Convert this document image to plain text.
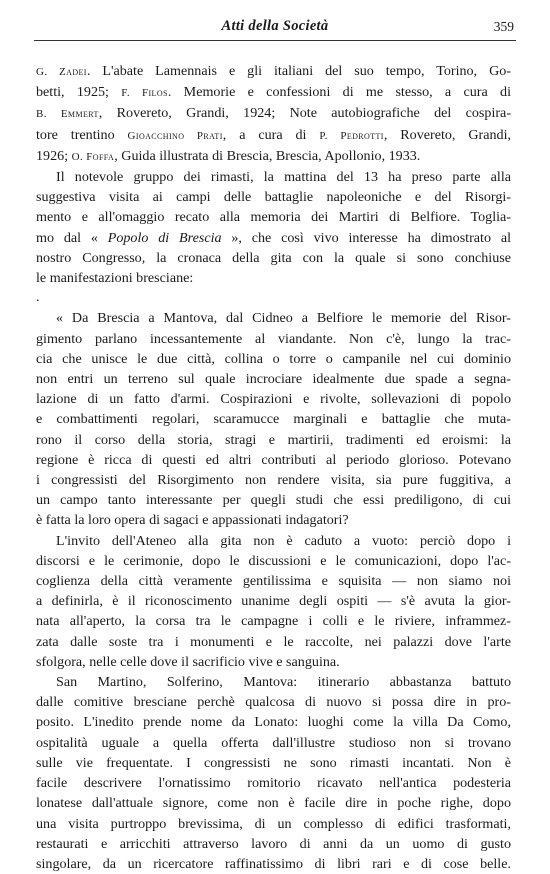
Atti della Società	359
G. Zadei. L'abate Lamennais e gli italiani del suo tempo, Torino, Go-
betti, 1925; F. Filos. Memorie e confessioni di me stesso, a cura di
B. Emmert, Rovereto, Grandi, 1924; Note autobiografiche del cospira-
tore trentino Gioacchino Prati, a cura di P. Pedrotti, Rovereto, Grandi,
1926; O. Foffa, Guida illustrata di Brescia, Brescia, Apollonio, 1933.
Il notevole gruppo dei rimasti, la mattina del 13 ha preso parte alla
suggestiva visita ai campi delle battaglie napoleoniche e del Risorgi-
mento e all'omaggio recato alla memoria dei Martiri di Belfiore. Toglia-
mo dal « Popolo di Brescia », che così vivo interesse ha dimostrato al
nostro Congresso, la cronaca della gita con la quale si sono conchiuse
le manifestazioni bresciane:
.
« Da Brescia a Mantova, dal Cidneo a Belfiore le memorie del Risor-
gimento parlano incessantemente al viandante. Non c'è, lungo la trac-
cia che unisce le due città, collina o torre o campanile nel cui dominio
non entri un terreno sul quale incrociare idealmente due spade a segna-
lazione di un fatto d'armi. Cospirazioni e rivolte, sollevazioni di popolo
e combattimenti regolari, scaramucce marginali e battaglie che muta-
rono il corso della storia, stragi e martirii, tradimenti ed eroismi: la
regione è ricca di questi ed altri contributi al periodo glorioso. Potevano
i congressisti del Risorgimento non rendere visita, sia pure fuggitiva, a
un campo tanto interessante per quegli studi che essi prediligono, di cui
è fatta la loro opera di sagaci e appassionati indagatori?
L'invito dell'Ateneo alla gita non è caduto a vuoto: perciò dopo i
discorsi e le cerimonie, dopo le discussioni e le comunicazioni, dopo l'ac-
coglienza della città veramente gentilissima e squisita — non siamo noi
a definirla, è il riconoscimento unanime degli ospiti — s'è avuta la gior-
nata all'aperto, la corsa tra le campagne i colli e le riviere, inframmez-
zata dalle soste tra i monumenti e le raccolte, nei palazzi dove l'arte
sfolgora, nelle celle dove il sacrificio vive e sanguina.
San Martino, Solferino, Mantova: itinerario abbastanza battuto
dalle comitive bresciane perchè qualcosa di nuovo si possa dire in pro-
posito. L'inedito prende nome da Lonato: luoghi come la villa Da Como,
ospitalità uguale a quella offerta dall'illustre studioso non si trovano
sulle vie frequentate. I congressisti ne sono rimasti incantati. Non è
facile descrivere l'ornatissimo romitorio ricavato nell'antica podesteria
lonatese dall'attuale signore, come non è facile dire in poche righe, dopo
una visita purtroppo brevissima, di un complesso di edifici trasformati,
restaurati e arricchiti attraverso lavoro di anni da un uomo di gusto
singolare, da un ricercatore raffinatissimo di libri rari e di cose belle.
